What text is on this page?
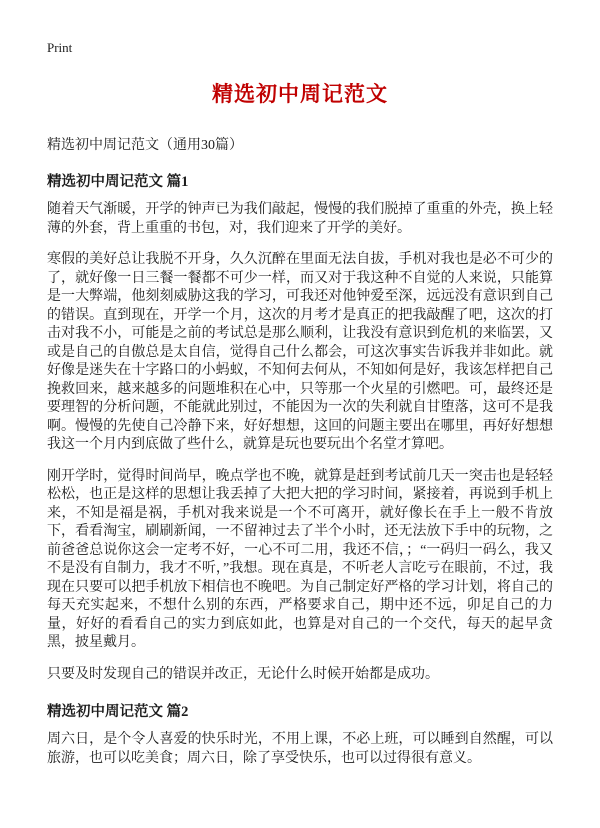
Print
精选初中周记范文
精选初中周记范文（通用30篇）
精选初中周记范文 篇1

随着天气渐暖，开学的钟声已为我们敲起，慢慢的我们脱掉了重重的外壳，换上轻薄的外套，背上重重的书包，对，我们迎来了开学的美好。

寒假的美好总让我脱不开身，久久沉醉在里面无法自拔，手机对我也是必不可少的了，就好像一日三餐一餐都不可少一样，而又对于我这种不自觉的人来说，只能算是一大弊端，他刻刻威胁这我的学习，可我还对他钟爱至深，远远没有意识到自己的错误。直到现在，开学一个月，这次的月考才是真正的把我敲醒了吧，这次的打击对我不小，可能是之前的考试总是那么顺利，让我没有意识到危机的来临罢，又或是自己的自傲总是太自信，觉得自己什么都会，可这次事实告诉我并非如此。就好像是迷失在十字路口的小蚂蚁，不知何去何从，不知如何是好，我该怎样把自己挽救回来，越来越多的问题堆积在心中，只等那一个火星的引燃吧。可，最终还是要理智的分析问题，不能就此别过，不能因为一次的失利就自甘堕落，这可不是我啊。慢慢的先使自己冷静下来，好好想想，这回的问题主要出在哪里，再好好想想我这一个月内到底做了些什么，就算是玩也要玩出个名堂才算吧。

刚开学时，觉得时间尚早，晚点学也不晚，就算是赶到考试前几天一突击也是轻轻松松，也正是这样的思想让我丢掉了大把大把的学习时间，紧接着，再说到手机上来，不知是福是祸，手机对我来说是一个不可离开，就好像长在手上一般不肯放下，看看淘宝，刷刷新闻，一不留神过去了半个小时，还无法放下手中的玩物，之前爸爸总说你这会一定考不好，一心不可二用，我还不信，；“一码归一码么，我又不是没有自制力，我才不听，”我想。现在真是，不听老人言吃亏在眼前，不过，我现在只要可以把手机放下相信也不晚吧。为自己制定好严格的学习计划，将自己的每天充实起来，不想什么别的东西，严格要求自己，期中还不远，卯足自己的力量，好好的看看自己的实力到底如此，也算是对自己的一个交代，每天的起早贪黑，披星戴月。

只要及时发现自己的错误并改正，无论什么时候开始都是成功。

精选初中周记范文 篇2

周六日，是个令人喜爱的快乐时光，不用上课，不必上班，可以睡到自然醒，可以旅游，也可以吃美食；周六日，除了享受快乐，也可以过得很有意义。
